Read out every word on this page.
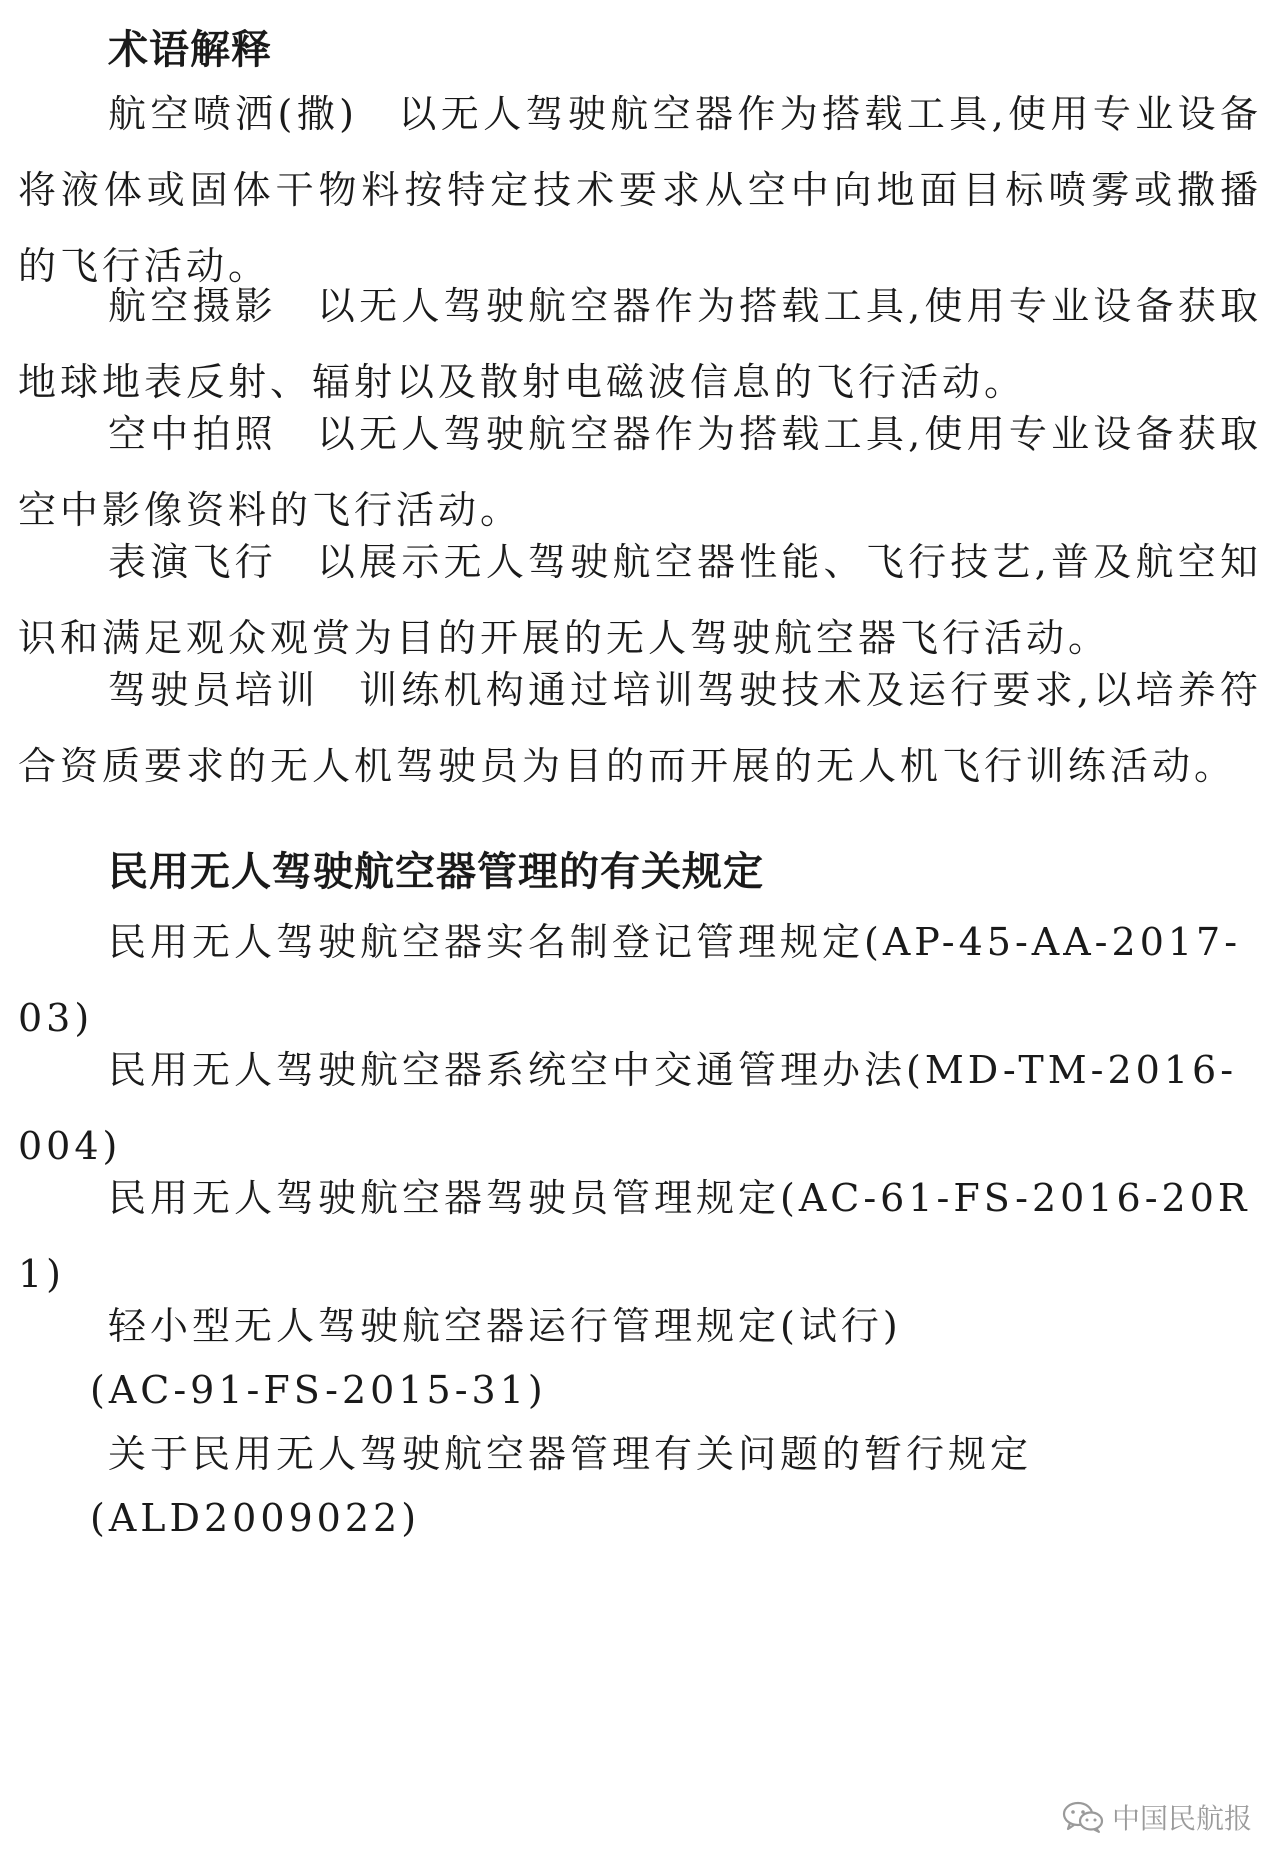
术语解释

航空喷洒(撒) 以无人驾驶航空器作为搭载工具,使用专业设备将液体或固体干物料按特定技术要求从空中向地面目标喷雾或撒播的飞行活动。

航空摄影 以无人驾驶航空器作为搭载工具,使用专业设备获取地球地表反射、辐射以及散射电磁波信息的飞行活动。

空中拍照 以无人驾驶航空器作为搭载工具,使用专业设备获取空中影像资料的飞行活动。

表演飞行 以展示无人驾驶航空器性能、飞行技艺,普及航空知识和满足观众观赏为目的开展的无人驾驶航空器飞行活动。

驾驶员培训 训练机构通过培训驾驶技术及运行要求,以培养符合资质要求的无人机驾驶员为目的而开展的无人机飞行训练活动。

民用无人驾驶航空器管理的有关规定

民用无人驾驶航空器实名制登记管理规定(AP-45-AA-2017-03)

民用无人驾驶航空器系统空中交通管理办法(MD-TM-2016-004)

民用无人驾驶航空器驾驶员管理规定(AC-61-FS-2016-20R1)

轻小型无人驾驶航空器运行管理规定(试行)

(AC-91-FS-2015-31)

关于民用无人驾驶航空器管理有关问题的暂行规定

(ALD2009022)

中国民航报
